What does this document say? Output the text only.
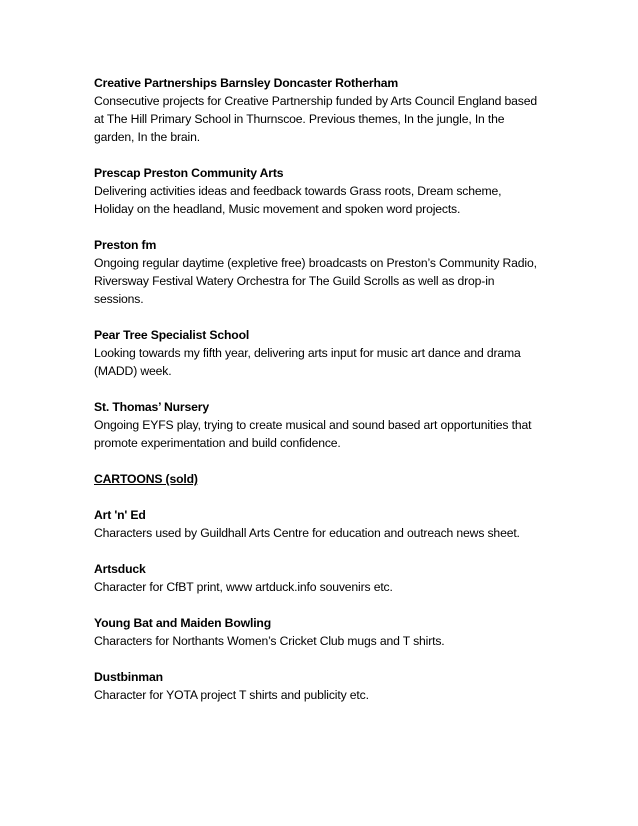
Creative Partnerships Barnsley Doncaster Rotherham
Consecutive projects for Creative Partnership funded by Arts Council England based at The Hill Primary School in Thurnscoe. Previous themes, In the jungle, In the garden, In the brain.
Prescap Preston Community Arts
Delivering activities ideas and feedback towards Grass roots, Dream scheme, Holiday on the headland, Music movement and spoken word projects.
Preston fm
Ongoing regular daytime (expletive free) broadcasts on Preston’s Community Radio, Riversway Festival Watery Orchestra for The Guild Scrolls as well as drop-in sessions.
Pear Tree Specialist School
Looking towards my fifth year, delivering arts input for music art dance and drama (MADD) week.
St. Thomas’ Nursery
Ongoing EYFS play, trying to create musical and sound based art opportunities that promote experimentation and build confidence.
CARTOONS (sold)
Art 'n' Ed
Characters used by Guildhall Arts Centre for education and outreach news sheet.
Artsduck
Character for CfBT print, www artduck.info souvenirs etc.
Young Bat and Maiden Bowling
Characters for Northants Women’s Cricket Club mugs and T shirts.
Dustbinman
Character for YOTA project T shirts and publicity etc.
